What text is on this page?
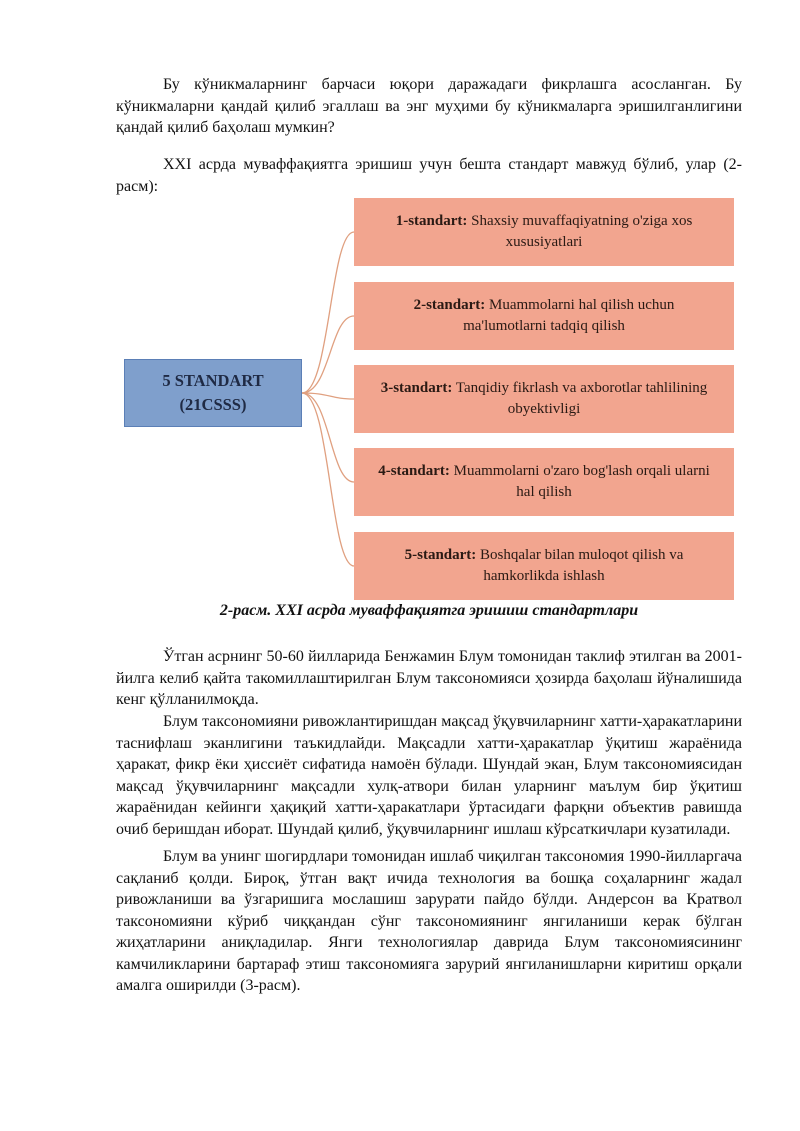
Бу кўникмаларнинг барчаси юқори даражадаги фикрлашга асосланган. Бу кўникмаларни қандай қилиб эгаллаш ва энг муҳими бу кўникмаларга эришилганлигини қандай қилиб баҳолаш мумкин?

XXI асрда муваффақиятга эришиш учун бешта стандарт мавжуд бўлиб, улар (2-расм):

5 STANDART
(21CSSS)
1-standart: Shaxsiy muvaffaqiyatning o'ziga xos xususiyatlari
2-standart: Muammolarni hal qilish uchun ma'lumotlarni tadqiq qilish
3-standart: Tanqidiy fikrlash va axborotlar tahlilining obyektivligi
4-standart: Muammolarni o'zaro bog'lash orqali ularni hal qilish
5-standart: Boshqalar bilan muloqot qilish va hamkorlikda ishlash
2-расм. XXI асрда муваффақиятга эришиш стандартлари

Ўтган асрнинг 50-60 йилларида Бенжамин Блум томонидан таклиф этилган ва 2001-йилга келиб қайта такомиллаштирилган Блум таксономияси ҳозирда баҳолаш йўналишида кенг қўлланилмоқда.

Блум таксономияни ривожлантиришдан мақсад ўқувчиларнинг хатти-ҳаракатларини таснифлаш эканлигини таъкидлайди. Мақсадли хатти-ҳаракатлар ўқитиш жараёнида ҳаракат, фикр ёки ҳиссиёт сифатида намоён бўлади. Шундай экан, Блум таксономиясидан мақсад ўқувчиларнинг мақсадли хулқ-атвори билан уларнинг маълум бир ўқитиш жараёнидан кейинги ҳақиқий хатти-ҳаракатлари ўртасидаги фарқни объектив равишда очиб беришдан иборат. Шундай қилиб, ўқувчиларнинг ишлаш кўрсаткичлари кузатилади.

Блум ва унинг шогирдлари томонидан ишлаб чиқилган таксономия 1990-йилларгача сақланиб қолди. Бироқ, ўтган вақт ичида технология ва бошқа соҳаларнинг жадал ривожланиши ва ўзгаришига мослашиш зарурати пайдо бўлди. Андерсон ва Кратвол таксономияни кўриб чиққандан сўнг таксономиянинг янгиланиши керак бўлган жиҳатларини аниқладилар. Янги технологиялар даврида Блум таксономиясининг камчиликларини бартараф этиш таксономияга зарурий янгиланишларни киритиш орқали амалга оширилди (3-расм).
